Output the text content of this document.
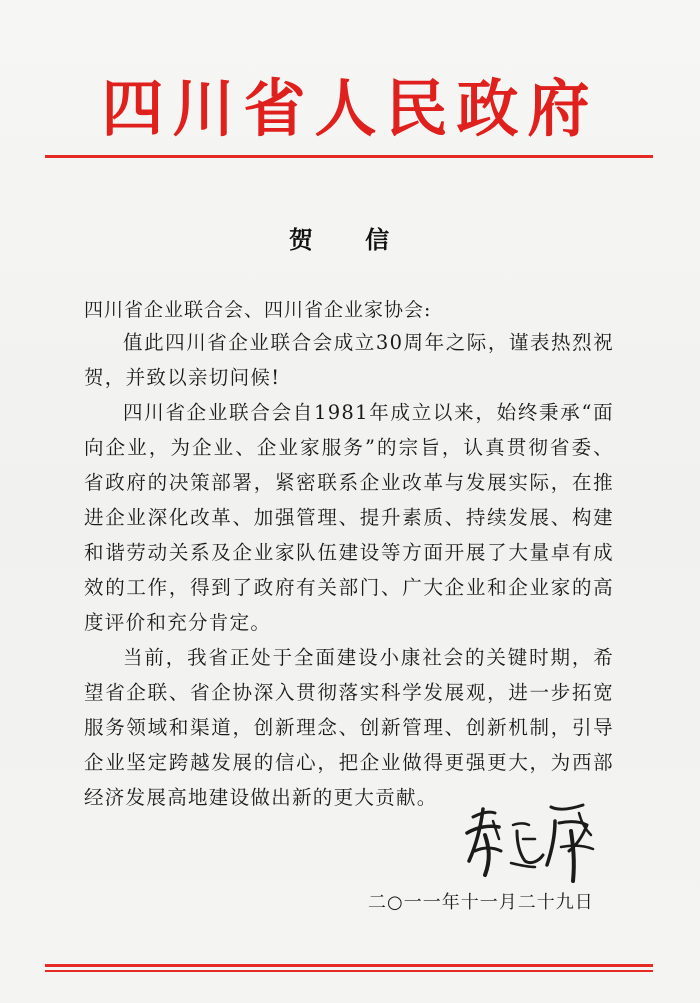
四川省人民政府
贺 信
四川省企业联合会、四川省企业家协会:

值此四川省企业联合会成立30周年之际，谨表热烈祝贺，并致以亲切问候!

四川省企业联合会自1981年成立以来，始终秉承“面向企业，为企业、企业家服务”的宗旨，认真贯彻省委、省政府的决策部署，紧密联系企业改革与发展实际，在推进企业深化改革、加强管理、提升素质、持续发展、构建和谐劳动关系及企业家队伍建设等方面开展了大量卓有成效的工作，得到了政府有关部门、广大企业和企业家的高度评价和充分肯定。

当前，我省正处于全面建设小康社会的关键时期，希望省企联、省企协深入贯彻落实科学发展观，进一步拓宽服务领域和渠道，创新理念、创新管理、创新机制，引导企业坚定跨越发展的信心，把企业做得更强更大，为西部经济发展高地建设做出新的更大贡献。

二○一一年十一月二十九日
